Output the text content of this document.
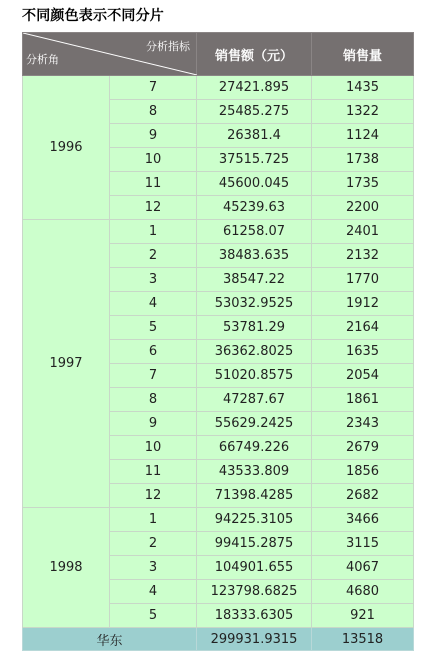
不同颜色表示不同分片
分析指标
分析角		销售额（元）	销售量
1996	7	27421.895	1435
	8	25485.275	1322
	9	26381.4	1124
	10	37515.725	1738
	11	45600.045	1735
	12	45239.63	2200
1997	1	61258.07	2401
	2	38483.635	2132
	3	38547.22	1770
	4	53032.9525	1912
	5	53781.29	2164
	6	36362.8025	1635
	7	51020.8575	2054
	8	47287.67	1861
	9	55629.2425	2343
	10	66749.226	2679
	11	43533.809	1856
	12	71398.4285	2682
1998	1	94225.3105	3466
	2	99415.2875	3115
	3	104901.655	4067
	4	123798.6825	4680
	5	18333.6305	921
华东		299931.9315	13518
